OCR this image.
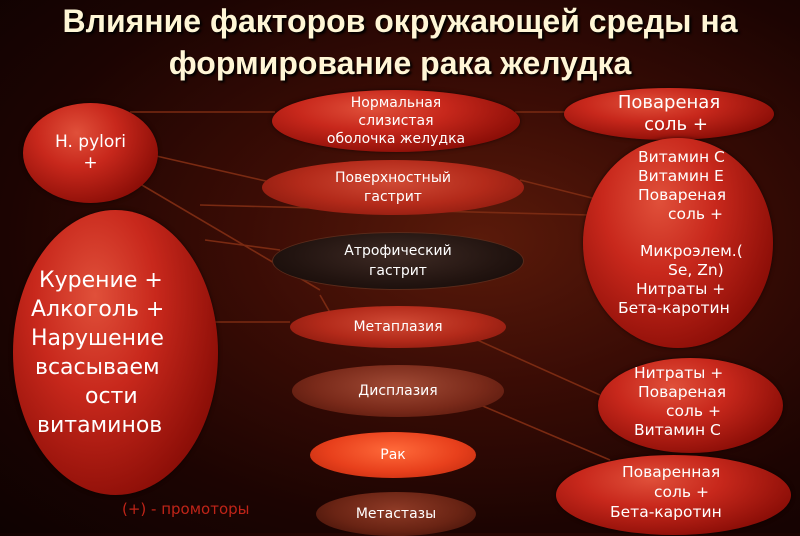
Влияние факторов окружающей среды на
формирование рака желудка
Нормальная
слизистая
оболочка желудка
Поверхностный
гастрит
Атрофический
гастрит
Метаплазия
Дисплазия
Рак
Метастазы
H. pylori
+
Курение +
Алкоголь +
Нарушение
всасываем
ости
витаминов
Повареная
соль +
Витамин С
Витамин Е
Повареная
соль +
Микроэлем.(
Se, Zn)
Нитраты +
Бета-каротин
Нитраты +
Повареная
соль +
Витамин С
Поваренная
соль +
Бета-каротин
(+) - промоторы
